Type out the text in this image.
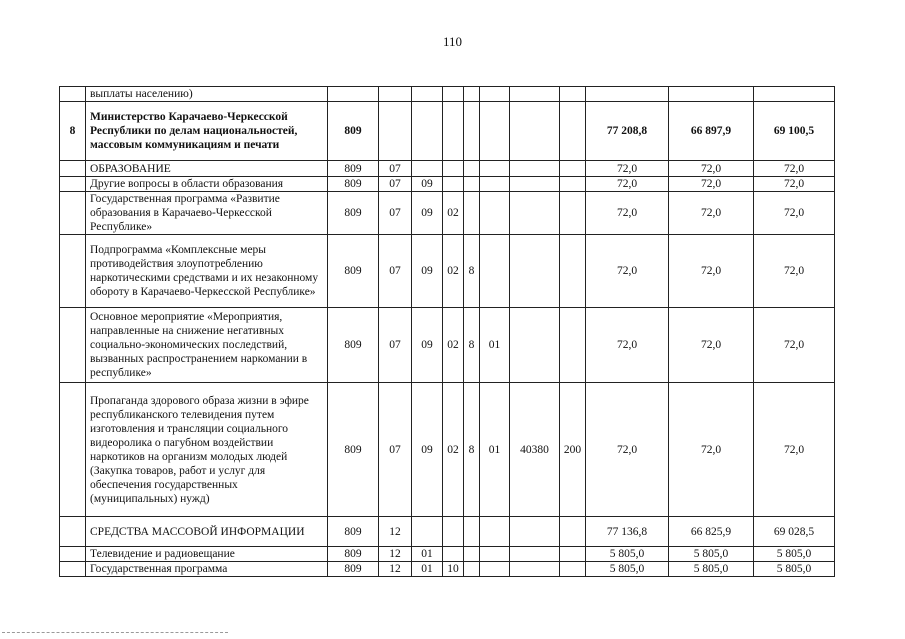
110
	выплаты населению)											
8	Министерство Карачаево-Черкесской Республики по делам национальностей, массовым коммуникациям и печати	809								77 208,8	66 897,9	69 100,5
	ОБРАЗОВАНИЕ	809	07							72,0	72,0	72,0
	Другие вопросы в области образования	809	07	09						72,0	72,0	72,0
	Государственная программа «Развитие образования в Карачаево-Черкесской Республике»	809	07	09	02					72,0	72,0	72,0
	Подпрограмма «Комплексные меры противодействия злоупотреблению наркотическими средствами и их незаконному обороту в Карачаево-Черкесской Республике»	809	07	09	02	8				72,0	72,0	72,0
	Основное мероприятие «Мероприятия, направленные на снижение негативных социально-экономических последствий, вызванных распространением наркомании в республике»	809	07	09	02	8	01			72,0	72,0	72,0
	Пропаганда здорового образа жизни в эфире республиканского телевидения путем изготовления и трансляции социального видеоролика о пагубном воздействии наркотиков на организм молодых людей (Закупка товаров, работ и услуг для обеспечения государственных (муниципальных) нужд)	809	07	09	02	8	01	40380	200	72,0	72,0	72,0
	СРЕДСТВА МАССОВОЙ ИНФОРМАЦИИ	809	12							77 136,8	66 825,9	69 028,5
	Телевидение и радиовещание	809	12	01						5 805,0	5 805,0	5 805,0
	Государственная программа	809	12	01	10					5 805,0	5 805,0	5 805,0
